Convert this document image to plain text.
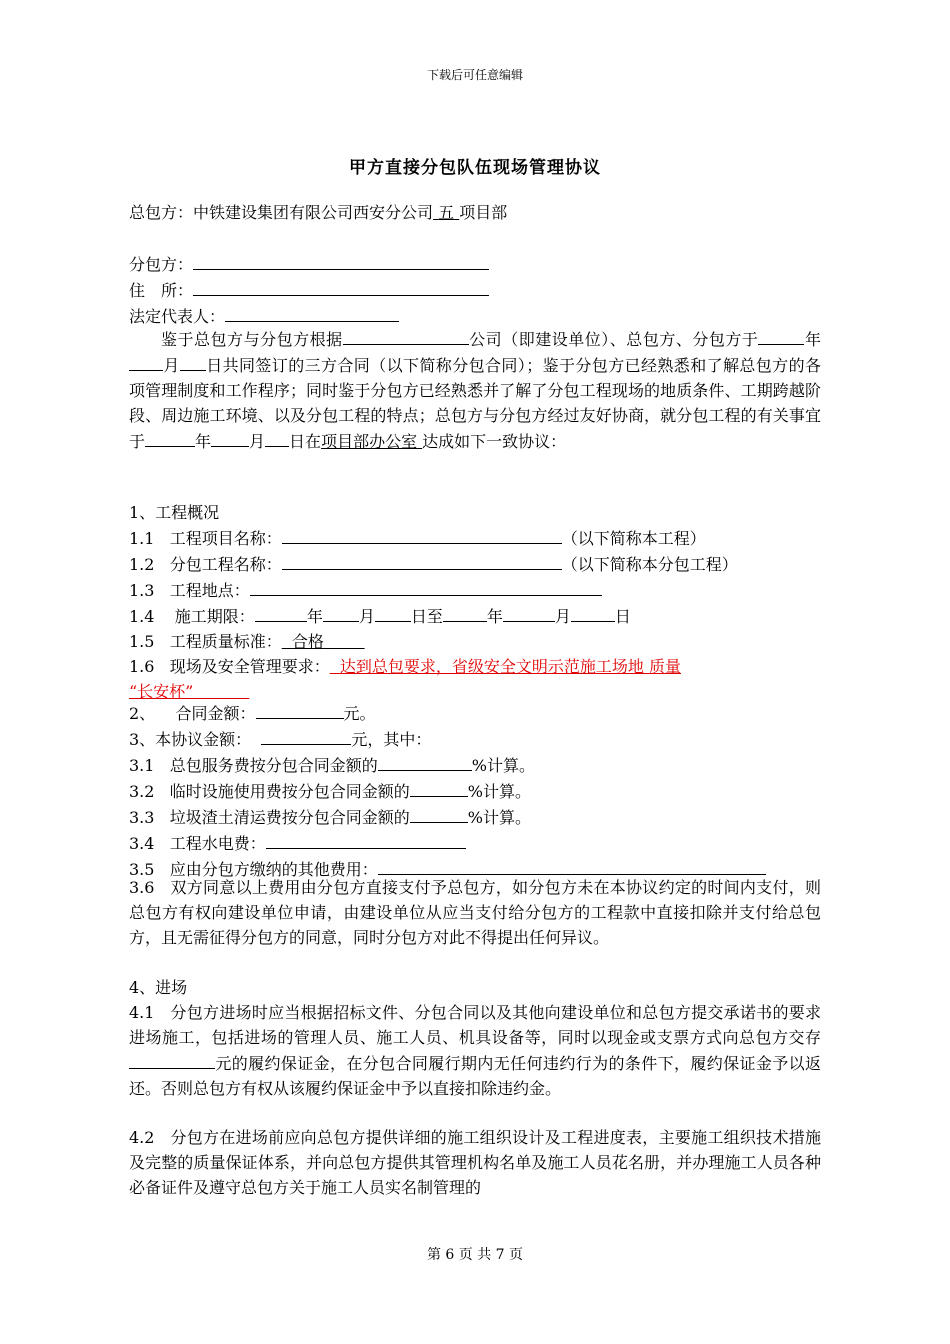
下载后可任意编辑
甲方直接分包队伍现场管理协议

总包方：中铁建设集团有限公司西安分公司 五 项目部

分包方：

住　所：

法定代表人：

鉴于总包方与分包方根据	公司（即建设单位）、总包方、分包方于	年月 日共同签订的三方合同（以下简称分包合同）；鉴于分包方已经熟悉和了解总包方的各项管理制度和工作程序；同时鉴于分包方已经熟悉并了解了分包工程现场的地质条件、工期跨越阶段、周边施工环境、以及分包工程的特点；总包方与分包方经过友好协商，就分包工程的有关事宜于	年 月 日在项目部办公室 达成如下一致协议：

1、工程概况

1.1 工程项目名称：	（以下简称本工程）

1.2 分包工程名称：	（以下简称本分包工程）

1.3 工程地点：

1.4 施工期限：	年 月 日至	年	月	日

1.5 工程质量标准： 合格

1.6 现场及安全管理要求： 达到总包要求，省级安全文明示范施工场地 质量

“长安杯”

2、 合同金额：	元。

3、本协议金额：	元，其中：

3.1 总包服务费按分包合同金额的	%计算。

3.2 临时设施使用费按分包合同金额的	%计算。

3.3 垃圾渣土清运费按分包合同金额的	%计算。

3.4 工程水电费：

3.5 应由分包方缴纳的其他费用：

3.6 双方同意以上费用由分包方直接支付予总包方，如分包方未在本协议约定的时间内支付，则总包方有权向建设单位申请，由建设单位从应当支付给分包方的工程款中直接扣除并支付给总包方，且无需征得分包方的同意，同时分包方对此不得提出任何异议。

4、进场

4.1 分包方进场时应当根据招标文件、分包合同以及其他向建设单位和总包方提交承诺书的要求进场施工，包括进场的管理人员、施工人员、机具设备等，同时以现金或支票方式向总包方交存元的履约保证金，在分包合同履行期内无任何违约行为的条件下，履约保证金予以返还。否则总包方有权从该履约保证金中予以直接扣除违约金。

4.2 分包方在进场前应向总包方提供详细的施工组织设计及工程进度表，主要施工组织技术措施及完整的质量保证体系，并向总包方提供其管理机构名单及施工人员花名册，并办理施工人员各种必备证件及遵守总包方关于施工人员实名制管理的

第 6 页 共 7 页
